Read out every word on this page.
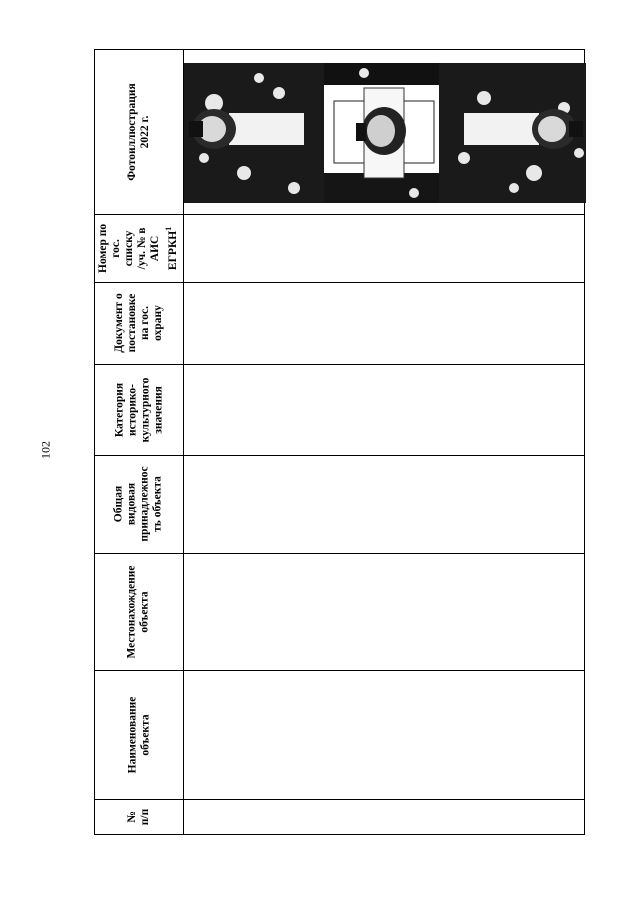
102
Фотоиллюстрация 2022 г.
Номер по гос. списку /уч. № в АИС ЕГРКН$^1$
Документ о постановке на гос. охрану
Категория историко- культурного значения
Общая видовая принадлежнос ть объекта
Местонахождение объекта
Наименование объекта
№ п/п
